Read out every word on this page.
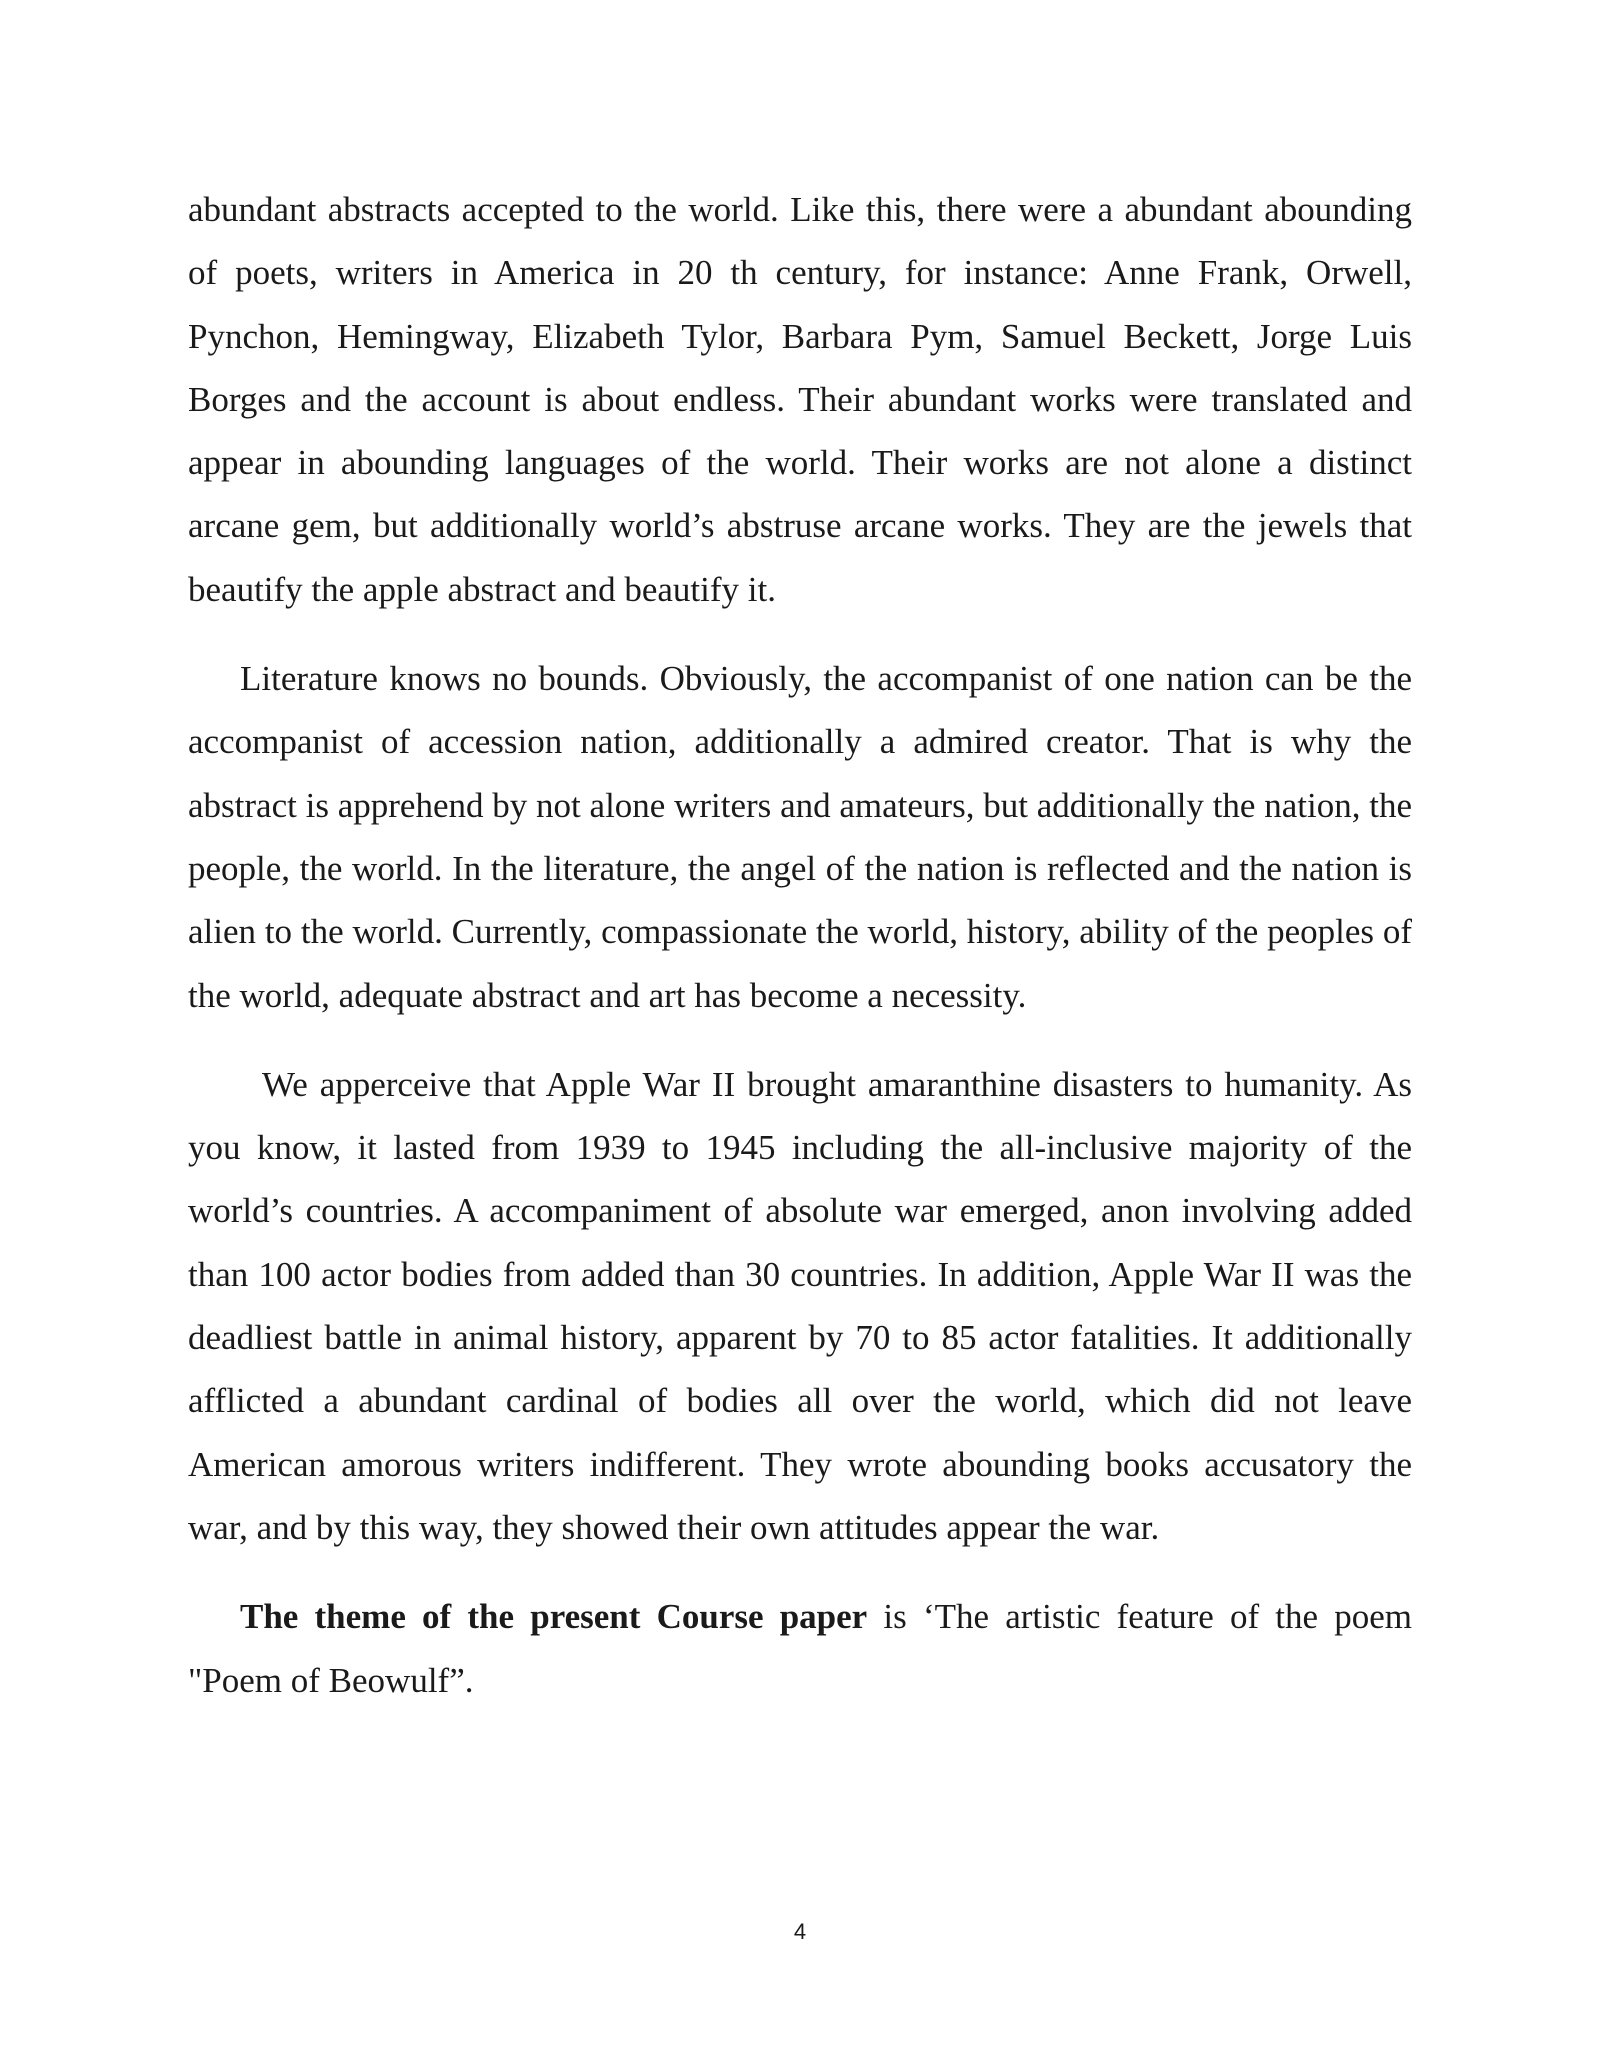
abundant abstracts accepted to the world. Like this, there were a abundant abounding of poets, writers in America in 20 th century, for instance: Anne Frank, Orwell, Pynchon, Hemingway, Elizabeth Tylor, Barbara Pym, Samuel Beckett, Jorge Luis Borges and the account is about endless. Their abundant works were translated and appear in abounding languages of the world. Their works are not alone a distinct arcane gem, but additionally world’s abstruse arcane works. They are the jewels that beautify the apple abstract and beautify it.

Literature knows no bounds. Obviously, the accompanist of one nation can be the accompanist of accession nation, additionally a admired creator. That is why the abstract is apprehend by not alone writers and amateurs, but additionally the nation, the people, the world. In the literature, the angel of the nation is reflected and the nation is alien to the world. Currently, compassionate the world, history, ability of the peoples of the world, adequate abstract and art has become a necessity.

We apperceive that Apple War II brought amaranthine disasters to humanity. As you know, it lasted from 1939 to 1945 including the all-inclusive majority of the world’s countries. A accompaniment of absolute war emerged, anon involving added than 100 actor bodies from added than 30 countries. In addition, Apple War II was the deadliest battle in animal history, apparent by 70 to 85 actor fatalities. It additionally afflicted a abundant cardinal of bodies all over the world, which did not leave American amorous writers indifferent. They wrote abounding books accusatory the war, and by this way, they showed their own attitudes appear the war.

The theme of the present Course paper is ‘The artistic feature of the poem "Poem of Beowulf”.

4
